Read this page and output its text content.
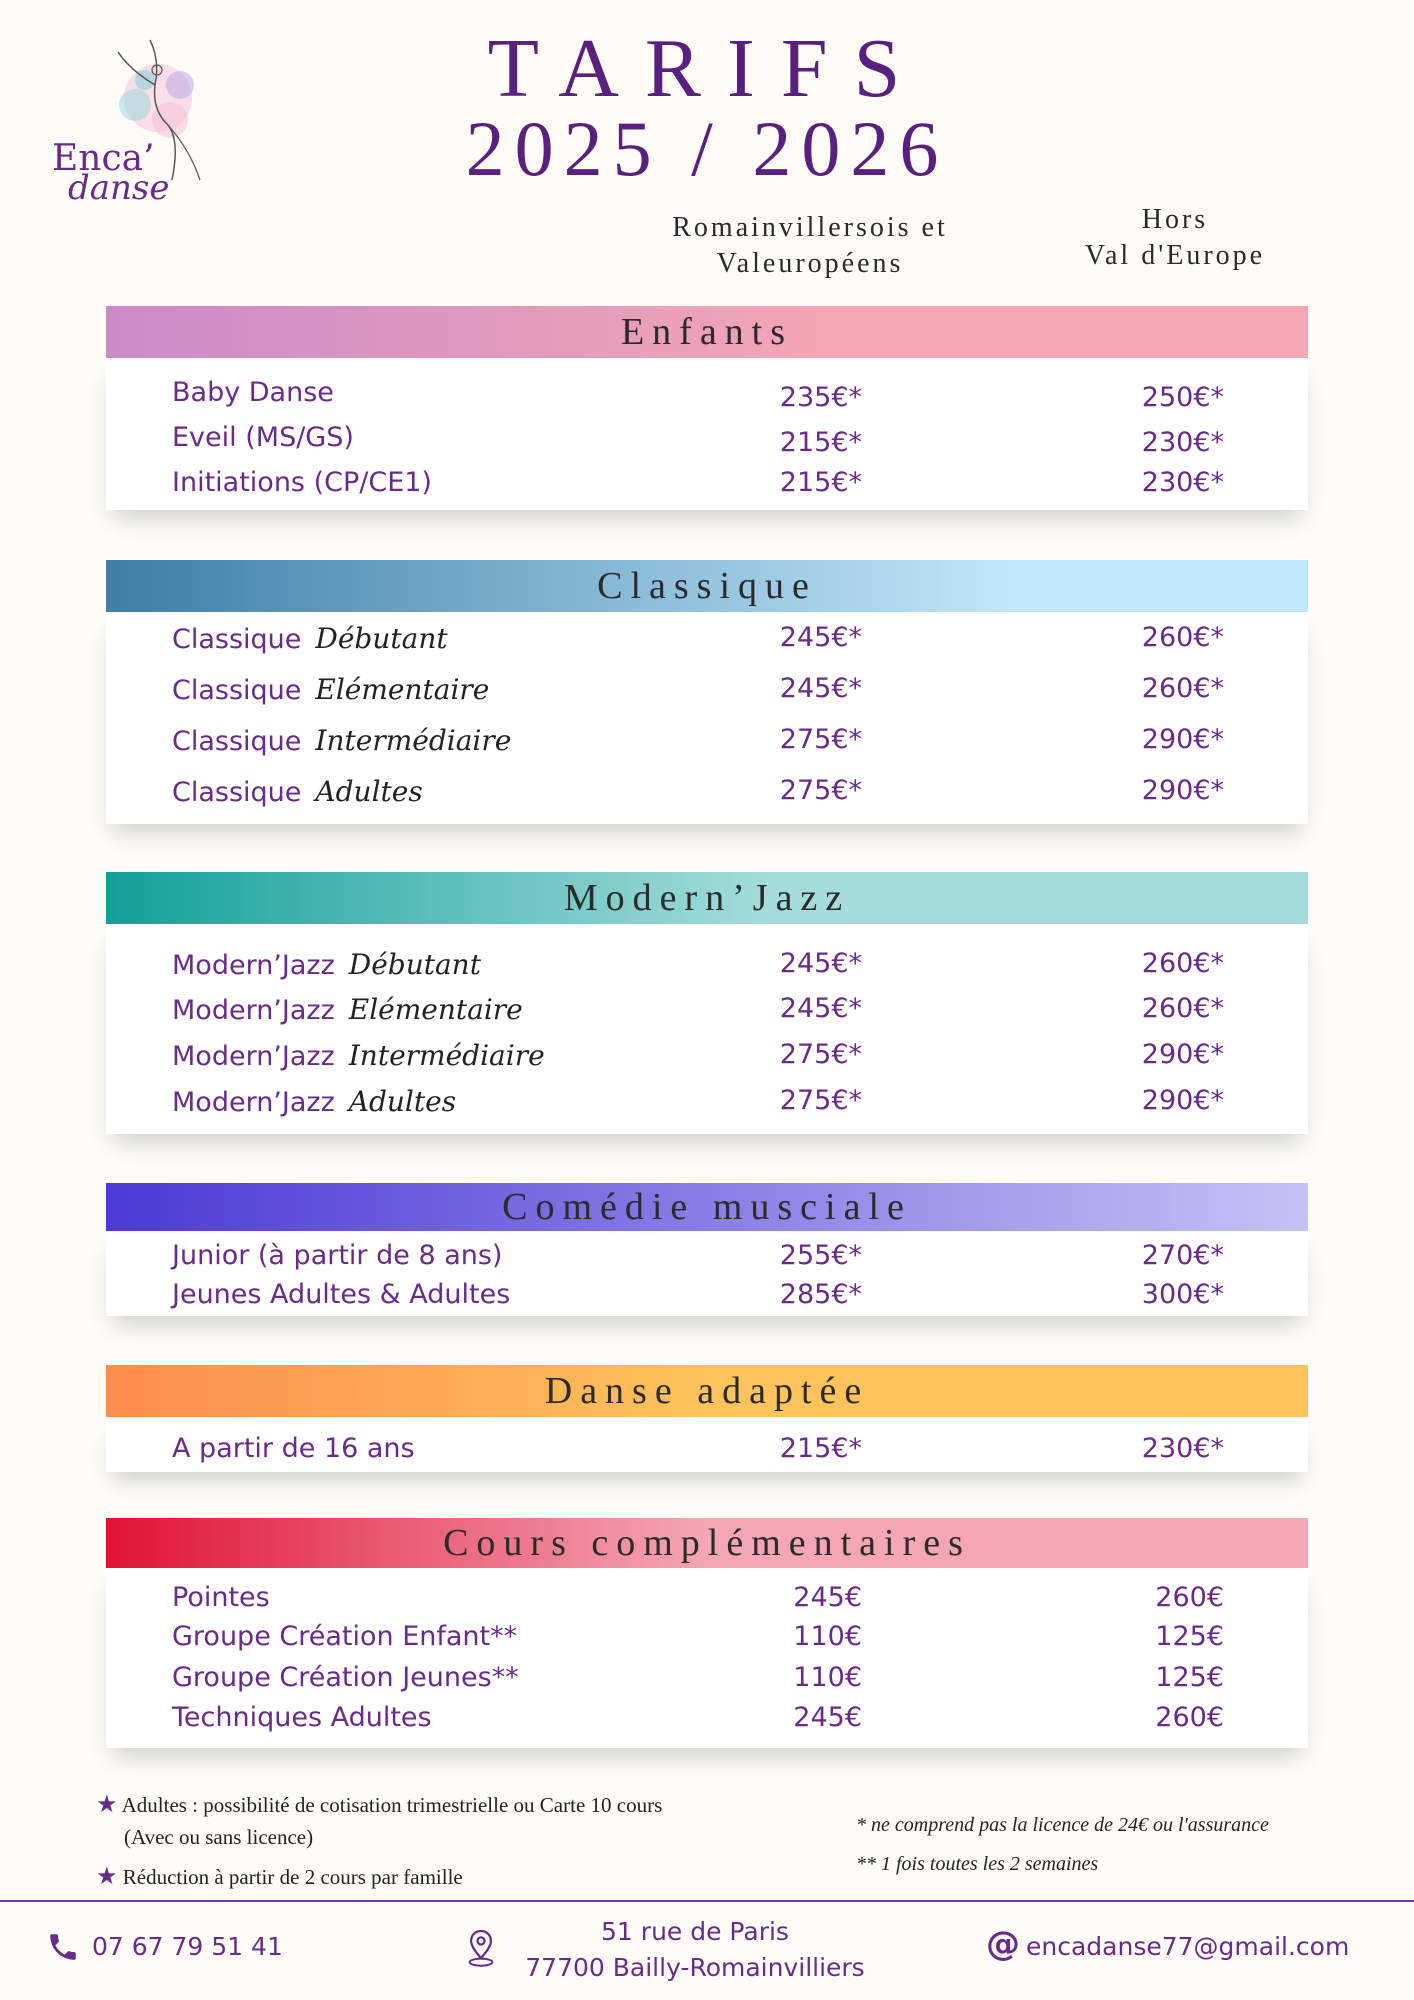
Enca’
danse
TARIFS
2025 / 2026
Romainvillersois et
Valeuropéens
Hors
Val d'Europe
Enfants
Baby Danse	235€*	250€*
Eveil (MS/GS)	215€*	230€*
Initiations (CP/CE1)	215€*	230€*
Classique
Classique Débutant	245€*	260€*
Classique Elémentaire	245€*	260€*
Classique Intermédiaire	275€*	290€*
Classique Adultes	275€*	290€*
Modern’Jazz
Modern’Jazz Débutant	245€*	260€*
Modern’Jazz Elémentaire	245€*	260€*
Modern’Jazz Intermédiaire	275€*	290€*
Modern’Jazz Adultes	275€*	290€*
Comédie musciale
Junior (à partir de 8 ans)	255€*	270€*
Jeunes Adultes & Adultes	285€*	300€*
Danse adaptée
A partir de 16 ans	215€*	230€*
Cours complémentaires
Pointes	245€	260€
Groupe Création Enfant**	110€	125€
Groupe Création Jeunes**	110€	125€
Techniques Adultes	245€	260€
★ Adultes : possibilité de cotisation trimestrielle ou Carte 10 cours
(Avec ou sans licence)
★ Réduction à partir de 2 cours par famille
* ne comprend pas la licence de 24€ ou l'assurance
** 1 fois toutes les 2 semaines
07 67 79 51 41
51 rue de Paris
77700 Bailly-Romainvilliers
@ encadanse77@gmail.com
